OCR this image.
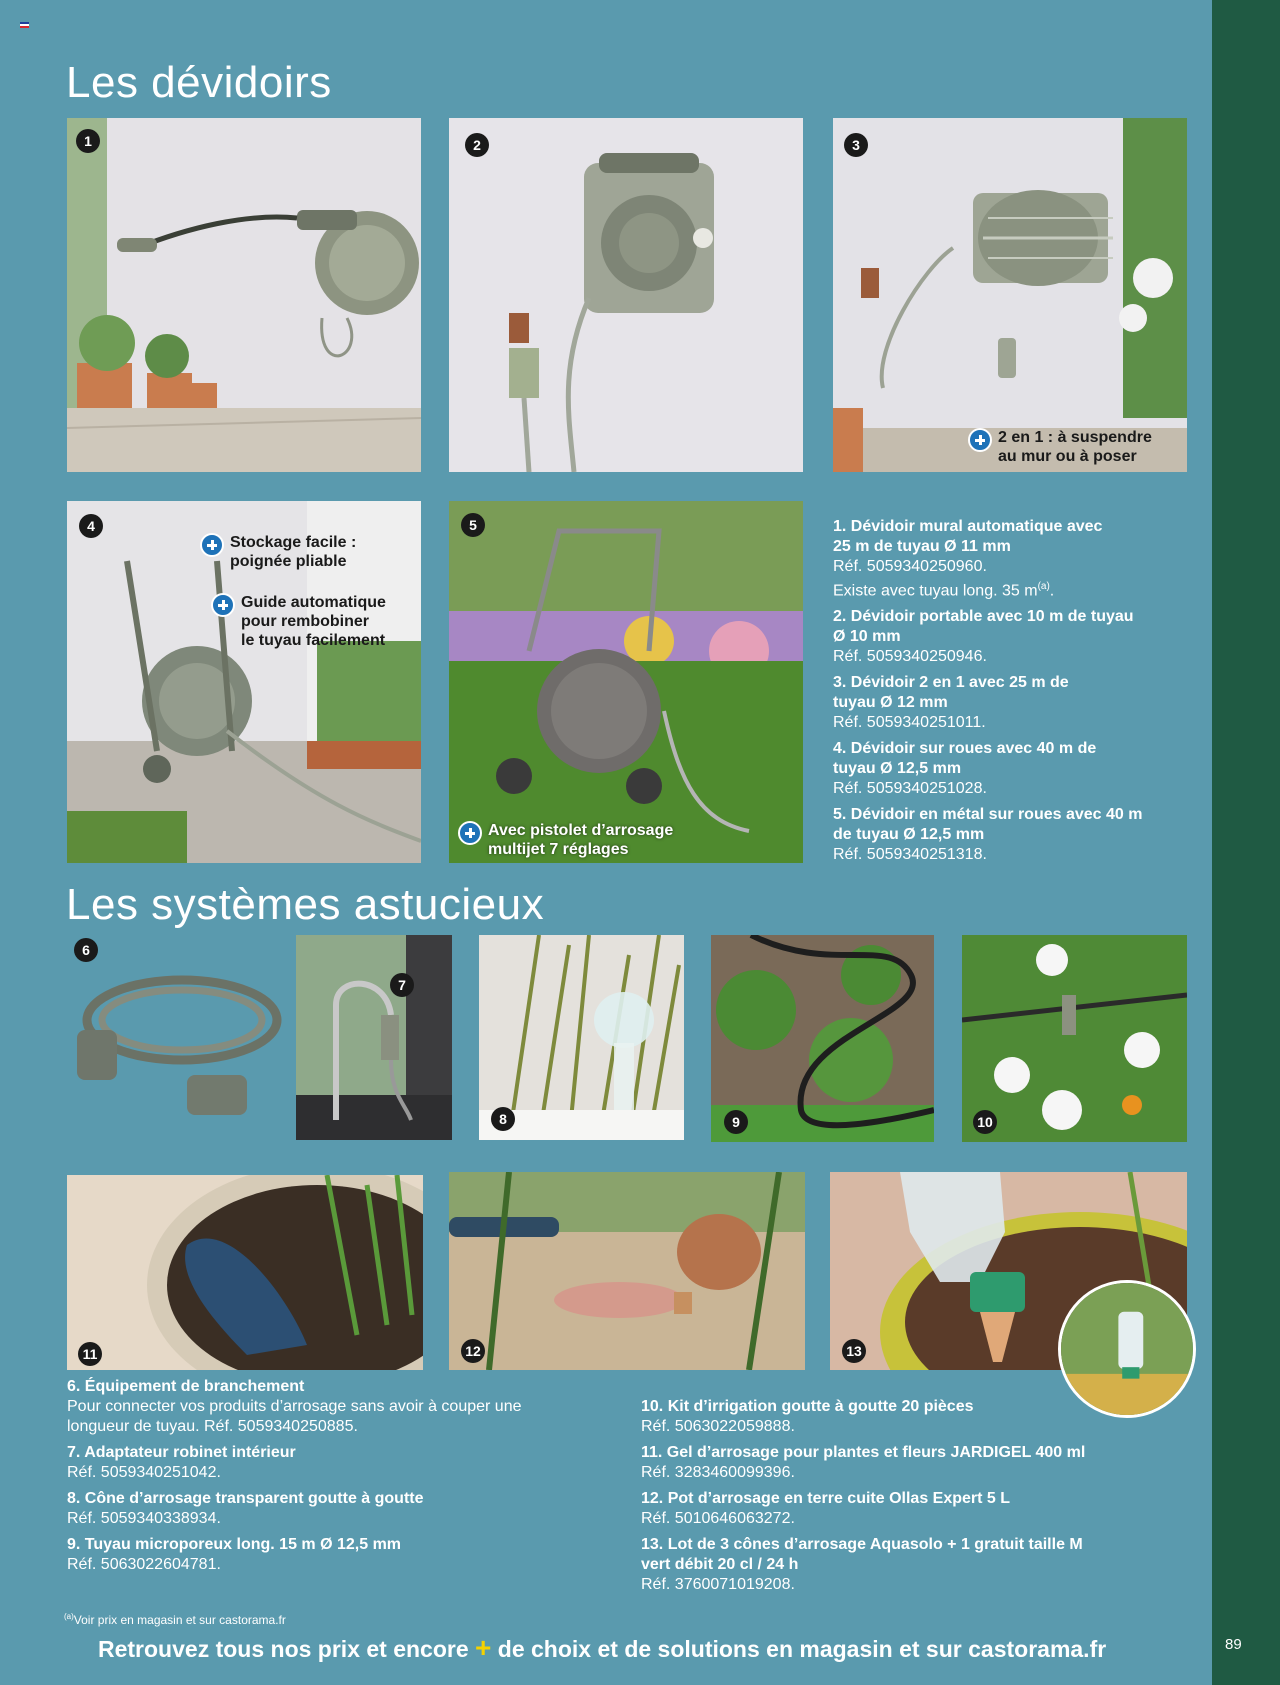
Les dévidoirs
1	2	3
2 en 1 : à suspendre
au mur ou à poser
4
Stockage facile :
poignée pliable
Guide automatique
pour rembobiner
le tuyau facilement
5
Avec pistolet d’arrosage
multijet 7 réglages
1. Dévidoir mural automatique avec
25 m de tuyau Ø 11 mm
Réf. 5059340250960.
Existe avec tuyau long. 35 $m^{(a)}$.
2. Dévidoir portable avec 10 m de tuyau
Ø 10 mm
Réf. 5059340250946.
3. Dévidoir 2 en 1 avec 25 m de
tuyau Ø 12 mm
Réf. 5059340251011.
4. Dévidoir sur roues avec 40 m de
tuyau Ø 12,5 mm
Réf. 5059340251028.
5. Dévidoir en métal sur roues avec 40 m
de tuyau Ø 12,5 mm
Réf. 5059340251318.
Les systèmes astucieux
6
7
8	9	10
11	12	13
6. Équipement de branchement
Pour connecter vos produits d’arrosage sans avoir à couper une
longueur de tuyau. Réf. 5059340250885.
7. Adaptateur robinet intérieur
Réf. 5059340251042.
8. Cône d’arrosage transparent goutte à goutte
Réf. 5059340338934.
9. Tuyau microporeux long. 15 m Ø 12,5 mm
Réf. 5063022604781.
10. Kit d’irrigation goutte à goutte 20 pièces
Réf. 5063022059888.
11. Gel d’arrosage pour plantes et fleurs JARDIGEL 400 ml
Réf. 3283460099396.
12. Pot d’arrosage en terre cuite Ollas Expert 5 L
Réf. 5010646063272.
13. Lot de 3 cônes d’arrosage Aquasolo + 1 gratuit taille M
vert débit 20 cl / 24 h
Réf. 3760071019208.
$^{(a)}$Voir prix en magasin et sur castorama.fr
Retrouvez tous nos prix et encore + de choix et de solutions en magasin et sur castorama.fr	89
